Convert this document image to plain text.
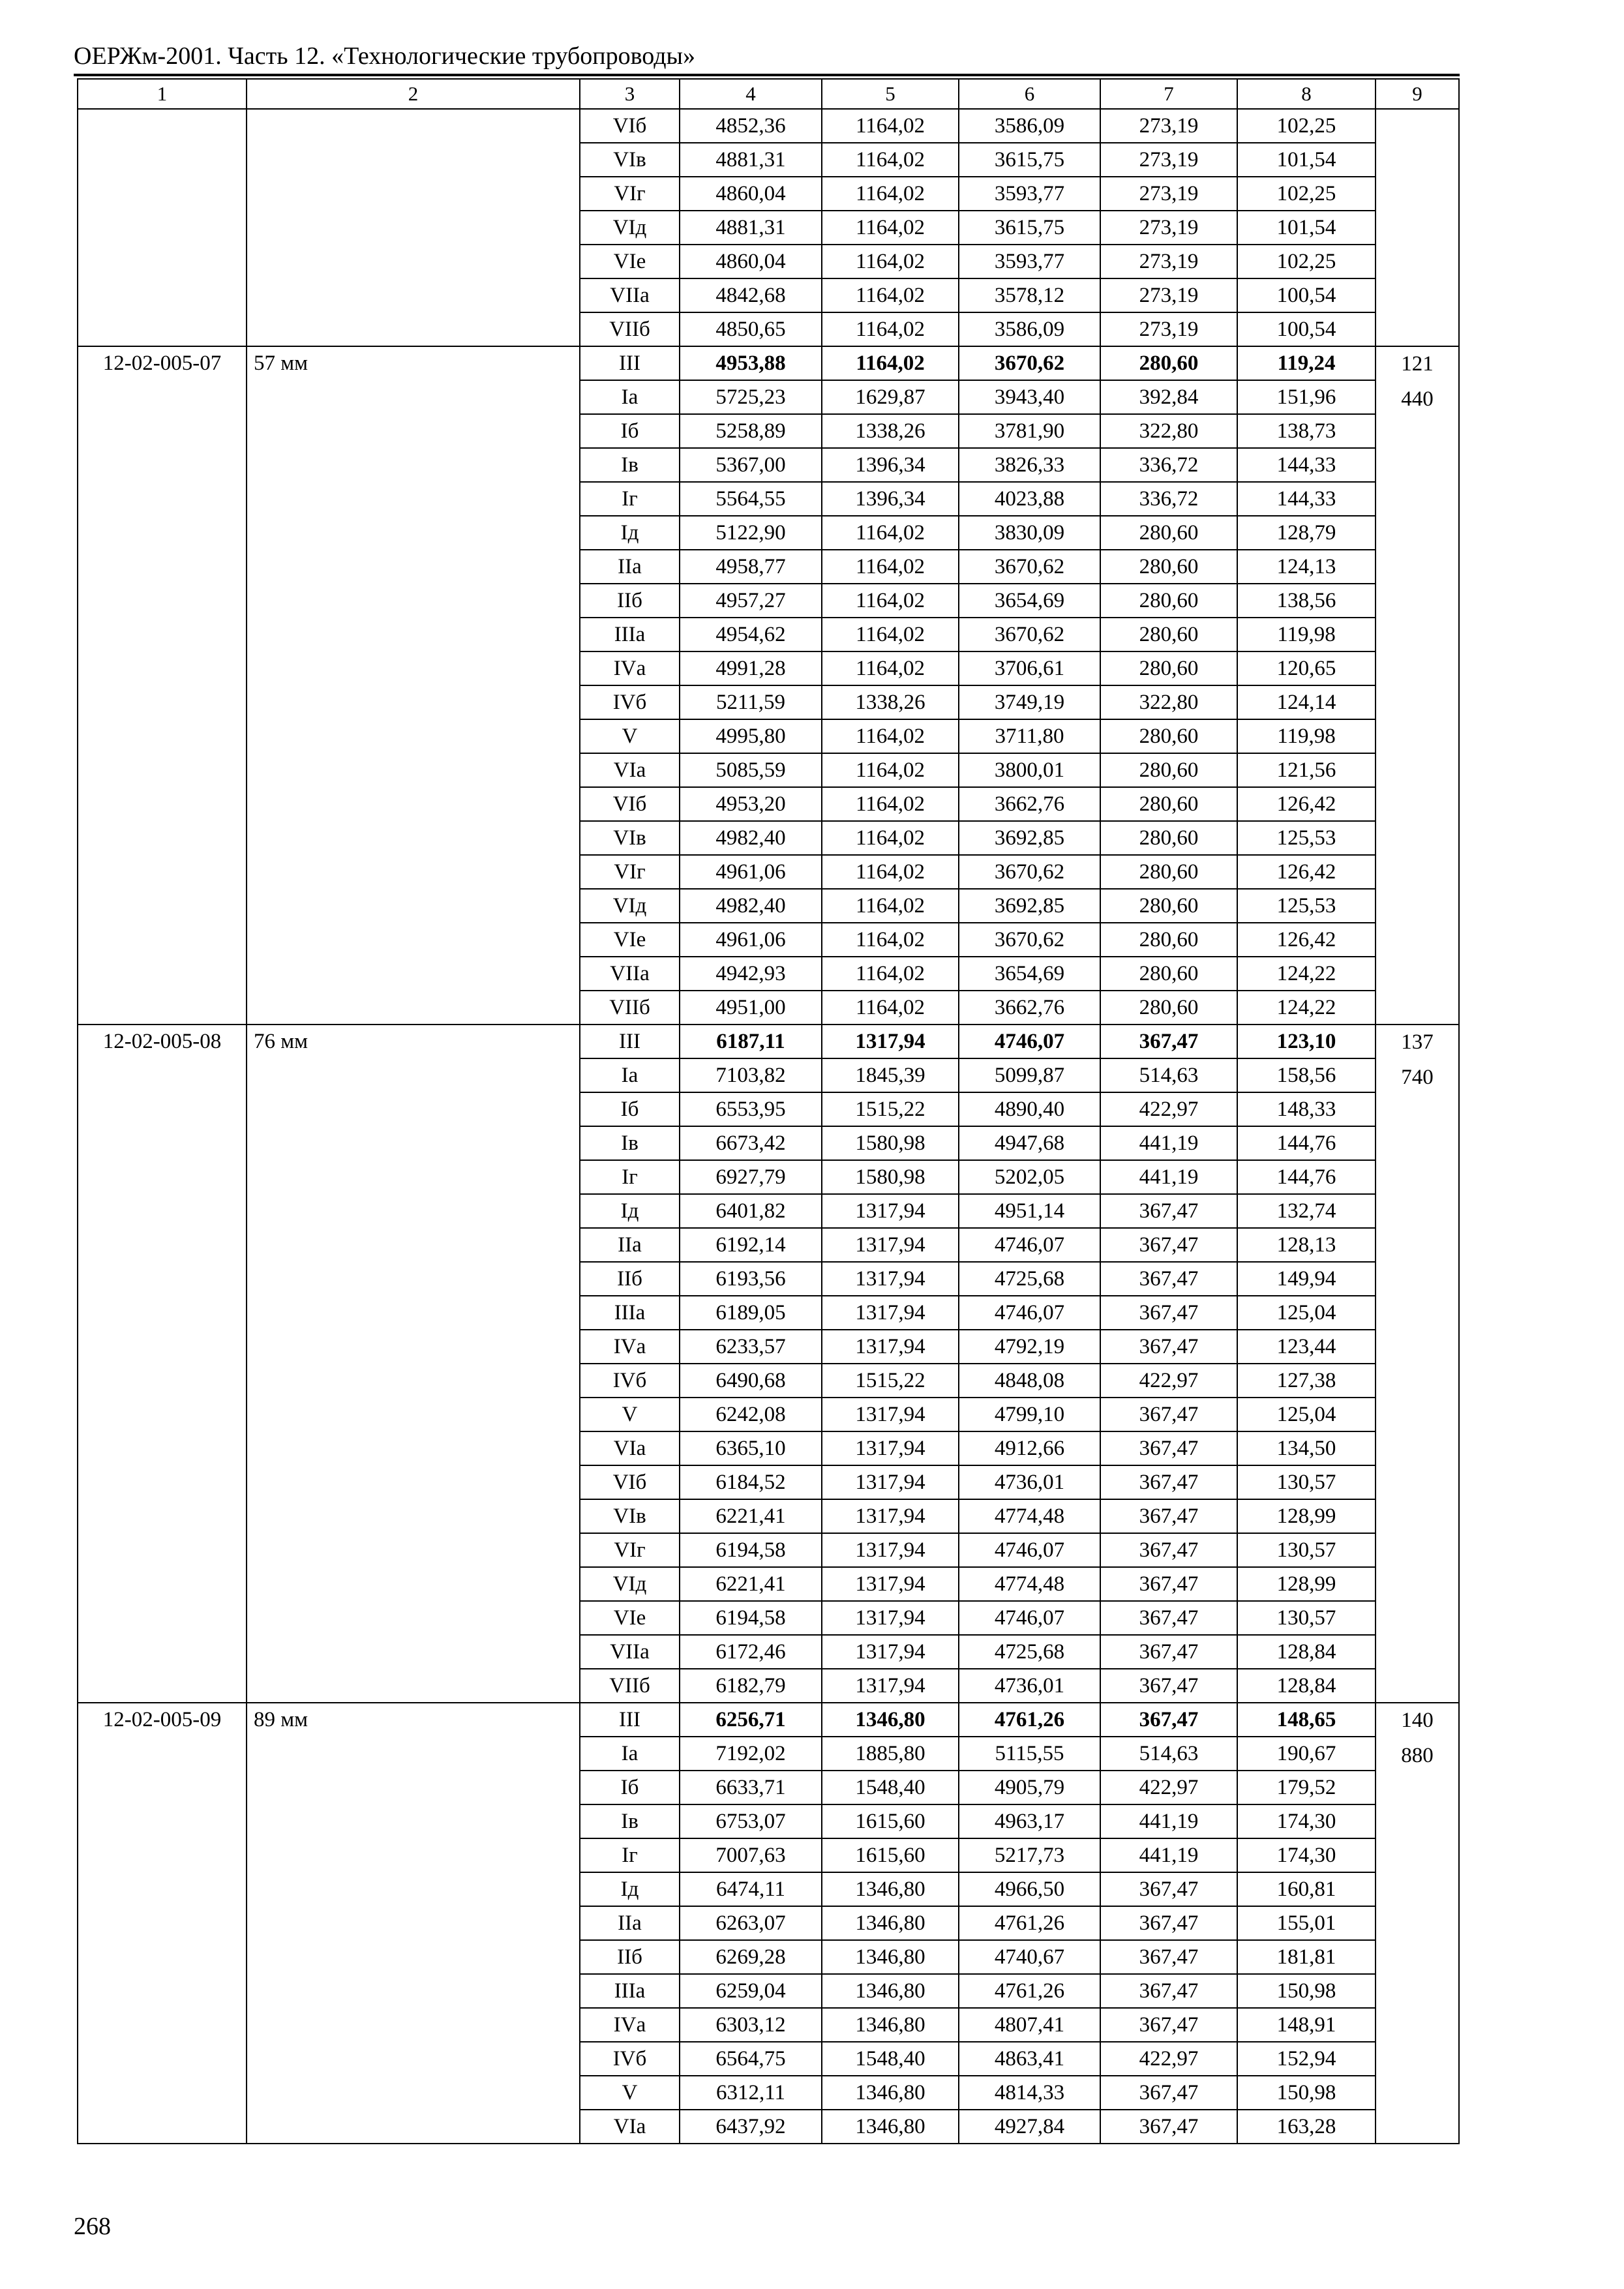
ОЕРЖм-2001. Часть 12. «Технологические трубопроводы»
1	2	3	4	5	6	7	8	9
		VIб	4852,36	1164,02	3586,09	273,19	102,25	
		VIв	4881,31	1164,02	3615,75	273,19	101,54	
		VIг	4860,04	1164,02	3593,77	273,19	102,25	
		VIд	4881,31	1164,02	3615,75	273,19	101,54	
		VIе	4860,04	1164,02	3593,77	273,19	102,25	
		VIIа	4842,68	1164,02	3578,12	273,19	100,54	
		VIIб	4850,65	1164,02	3586,09	273,19	100,54	
12-02-005-07	57 мм	III	4953,88	1164,02	3670,62	280,60	119,24	121
440

		Iа	5725,23	1629,87	3943,40	392,84	151,96	
		Iб	5258,89	1338,26	3781,90	322,80	138,73	
		Iв	5367,00	1396,34	3826,33	336,72	144,33	
		Iг	5564,55	1396,34	4023,88	336,72	144,33	
		Iд	5122,90	1164,02	3830,09	280,60	128,79	
		IIа	4958,77	1164,02	3670,62	280,60	124,13	
		IIб	4957,27	1164,02	3654,69	280,60	138,56	
		IIIа	4954,62	1164,02	3670,62	280,60	119,98	
		IVа	4991,28	1164,02	3706,61	280,60	120,65	
		IVб	5211,59	1338,26	3749,19	322,80	124,14	
		V	4995,80	1164,02	3711,80	280,60	119,98	
		VIа	5085,59	1164,02	3800,01	280,60	121,56	
		VIб	4953,20	1164,02	3662,76	280,60	126,42	
		VIв	4982,40	1164,02	3692,85	280,60	125,53	
		VIг	4961,06	1164,02	3670,62	280,60	126,42	
		VIд	4982,40	1164,02	3692,85	280,60	125,53	
		VIе	4961,06	1164,02	3670,62	280,60	126,42	
		VIIа	4942,93	1164,02	3654,69	280,60	124,22	
		VIIб	4951,00	1164,02	3662,76	280,60	124,22	
12-02-005-08	76 мм	III	6187,11	1317,94	4746,07	367,47	123,10	137
740

		Iа	7103,82	1845,39	5099,87	514,63	158,56	
		Iб	6553,95	1515,22	4890,40	422,97	148,33	
		Iв	6673,42	1580,98	4947,68	441,19	144,76	
		Iг	6927,79	1580,98	5202,05	441,19	144,76	
		Iд	6401,82	1317,94	4951,14	367,47	132,74	
		IIа	6192,14	1317,94	4746,07	367,47	128,13	
		IIб	6193,56	1317,94	4725,68	367,47	149,94	
		IIIа	6189,05	1317,94	4746,07	367,47	125,04	
		IVа	6233,57	1317,94	4792,19	367,47	123,44	
		IVб	6490,68	1515,22	4848,08	422,97	127,38	
		V	6242,08	1317,94	4799,10	367,47	125,04	
		VIа	6365,10	1317,94	4912,66	367,47	134,50	
		VIб	6184,52	1317,94	4736,01	367,47	130,57	
		VIв	6221,41	1317,94	4774,48	367,47	128,99	
		VIг	6194,58	1317,94	4746,07	367,47	130,57	
		VIд	6221,41	1317,94	4774,48	367,47	128,99	
		VIе	6194,58	1317,94	4746,07	367,47	130,57	
		VIIа	6172,46	1317,94	4725,68	367,47	128,84	
		VIIб	6182,79	1317,94	4736,01	367,47	128,84	
12-02-005-09	89 мм	III	6256,71	1346,80	4761,26	367,47	148,65	140
880

		Iа	7192,02	1885,80	5115,55	514,63	190,67	
		Iб	6633,71	1548,40	4905,79	422,97	179,52	
		Iв	6753,07	1615,60	4963,17	441,19	174,30	
		Iг	7007,63	1615,60	5217,73	441,19	174,30	
		Iд	6474,11	1346,80	4966,50	367,47	160,81	
		IIа	6263,07	1346,80	4761,26	367,47	155,01	
		IIб	6269,28	1346,80	4740,67	367,47	181,81	
		IIIа	6259,04	1346,80	4761,26	367,47	150,98	
		IVа	6303,12	1346,80	4807,41	367,47	148,91	
		IVб	6564,75	1548,40	4863,41	422,97	152,94	
		V	6312,11	1346,80	4814,33	367,47	150,98	
		VIа	6437,92	1346,80	4927,84	367,47	163,28	
268
